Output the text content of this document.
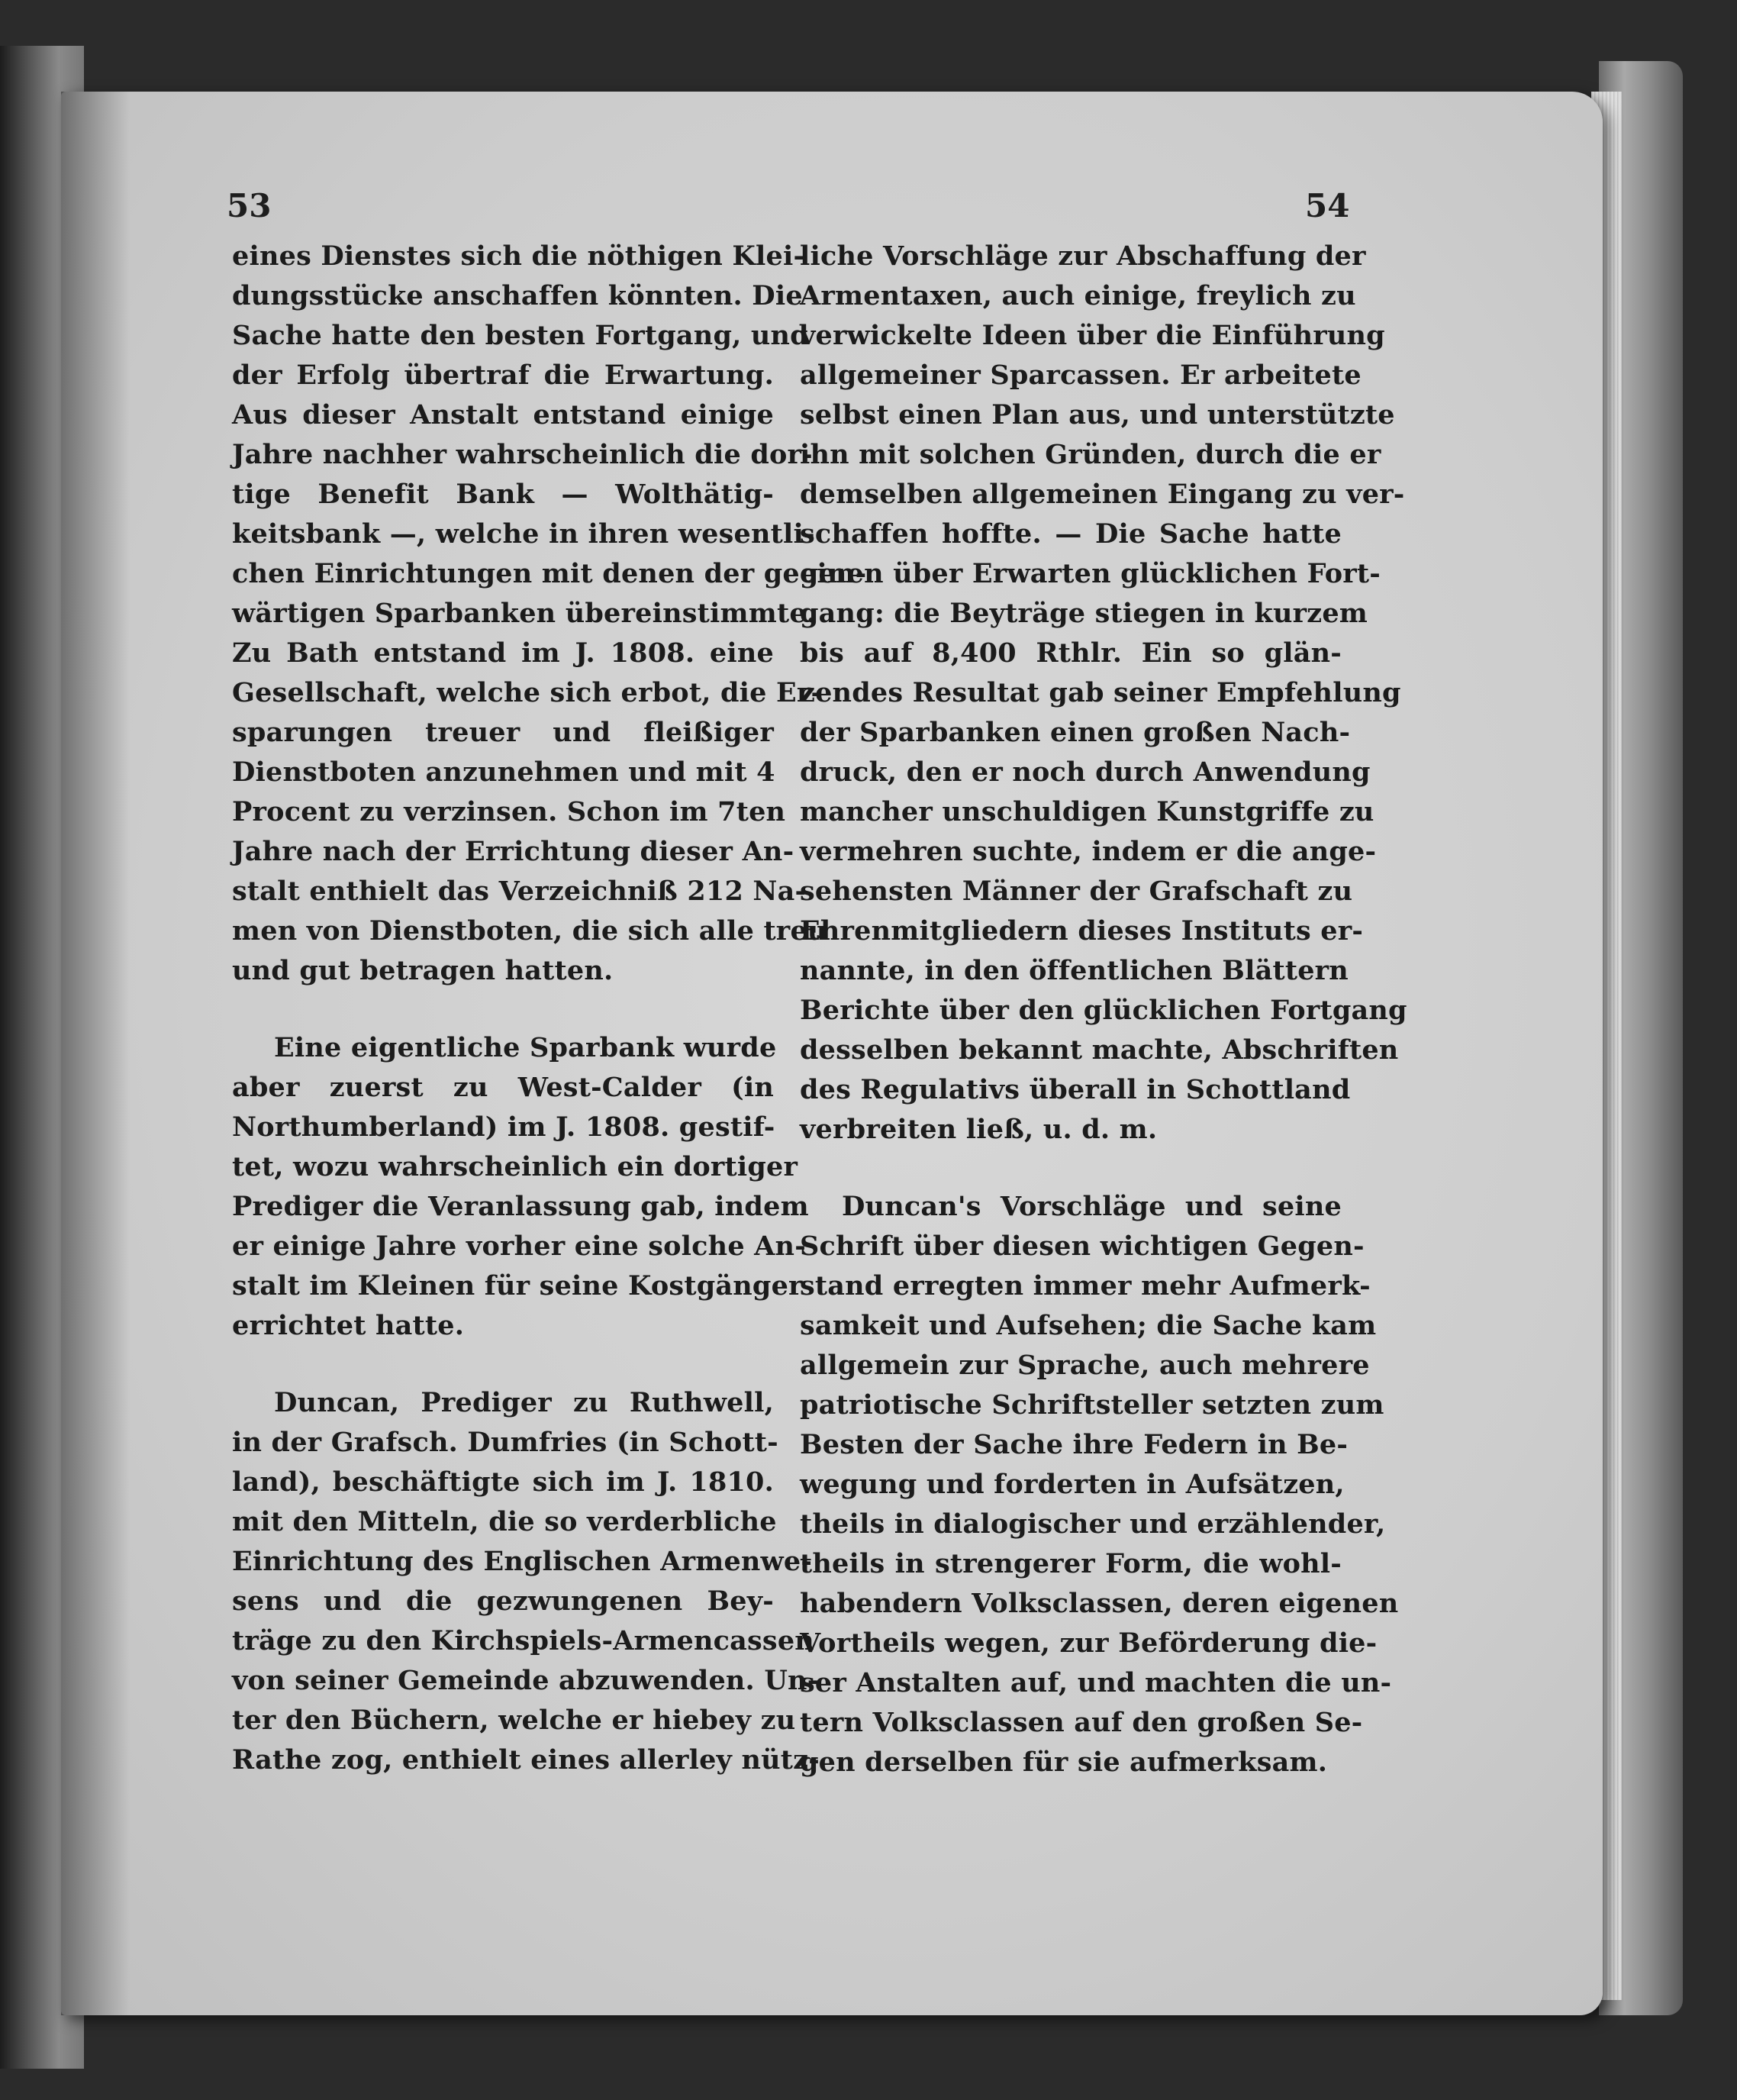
53	54
eines Dienstes sich die nöthigen Klei-
dungsstücke anschaffen könnten. Die
Sache hatte den besten Fortgang, und
der Erfolg übertraf die Erwartung.
Aus dieser Anstalt entstand einige
Jahre nachher wahrscheinlich die dor-
tige Benefit Bank — Wolthätig-
keitsbank —, welche in ihren wesentli-
chen Einrichtungen mit denen der gegen-
wärtigen Sparbanken übereinstimmte.
Zu Bath entstand im J. 1808. eine
Gesellschaft, welche sich erbot, die Er-
sparungen treuer und fleißiger
Dienstboten anzunehmen und mit 4
Procent zu verzinsen. Schon im 7ten
Jahre nach der Errichtung dieser An-
stalt enthielt das Verzeichniß 212 Na-
men von Dienstboten, die sich alle treu
und gut betragen hatten.
Eine eigentliche Sparbank wurde
aber zuerst zu West-Calder (in
Northumberland) im J. 1808. gestif-
tet, wozu wahrscheinlich ein dortiger
Prediger die Veranlassung gab, indem
er einige Jahre vorher eine solche An-
stalt im Kleinen für seine Kostgänger
errichtet hatte.
Duncan, Prediger zu Ruthwell,
in der Grafsch. Dumfries (in Schott-
land), beschäftigte sich im J. 1810.
mit den Mitteln, die so verderbliche
Einrichtung des Englischen Armenwe-
sens und die gezwungenen Bey-
träge zu den Kirchspiels-Armencassen
von seiner Gemeinde abzuwenden. Un-
ter den Büchern, welche er hiebey zu
Rathe zog, enthielt eines allerley nütz-
liche Vorschläge zur Abschaffung der
Armentaxen, auch einige, freylich zu
verwickelte Ideen über die Einführung
allgemeiner Sparcassen. Er arbeitete
selbst einen Plan aus, und unterstützte
ihn mit solchen Gründen, durch die er
demselben allgemeinen Eingang zu ver-
schaffen hoffte. — Die Sache hatte
einen über Erwarten glücklichen Fort-
gang: die Beyträge stiegen in kurzem
bis auf 8,400 Rthlr. Ein so glän-
zendes Resultat gab seiner Empfehlung
der Sparbanken einen großen Nach-
druck, den er noch durch Anwendung
mancher unschuldigen Kunstgriffe zu
vermehren suchte, indem er die ange-
sehensten Männer der Grafschaft zu
Ehrenmitgliedern dieses Instituts er-
nannte, in den öffentlichen Blättern
Berichte über den glücklichen Fortgang
desselben bekannt machte, Abschriften
des Regulativs überall in Schottland
verbreiten ließ, u. d. m.
Duncan's Vorschläge und seine
Schrift über diesen wichtigen Gegen-
stand erregten immer mehr Aufmerk-
samkeit und Aufsehen; die Sache kam
allgemein zur Sprache, auch mehrere
patriotische Schriftsteller setzten zum
Besten der Sache ihre Federn in Be-
wegung und forderten in Aufsätzen,
theils in dialogischer und erzählender,
theils in strengerer Form, die wohl-
habendern Volksclassen, deren eigenen
Vortheils wegen, zur Beförderung die-
ser Anstalten auf, und machten die un-
tern Volksclassen auf den großen Se-
gen derselben für sie aufmerksam.
